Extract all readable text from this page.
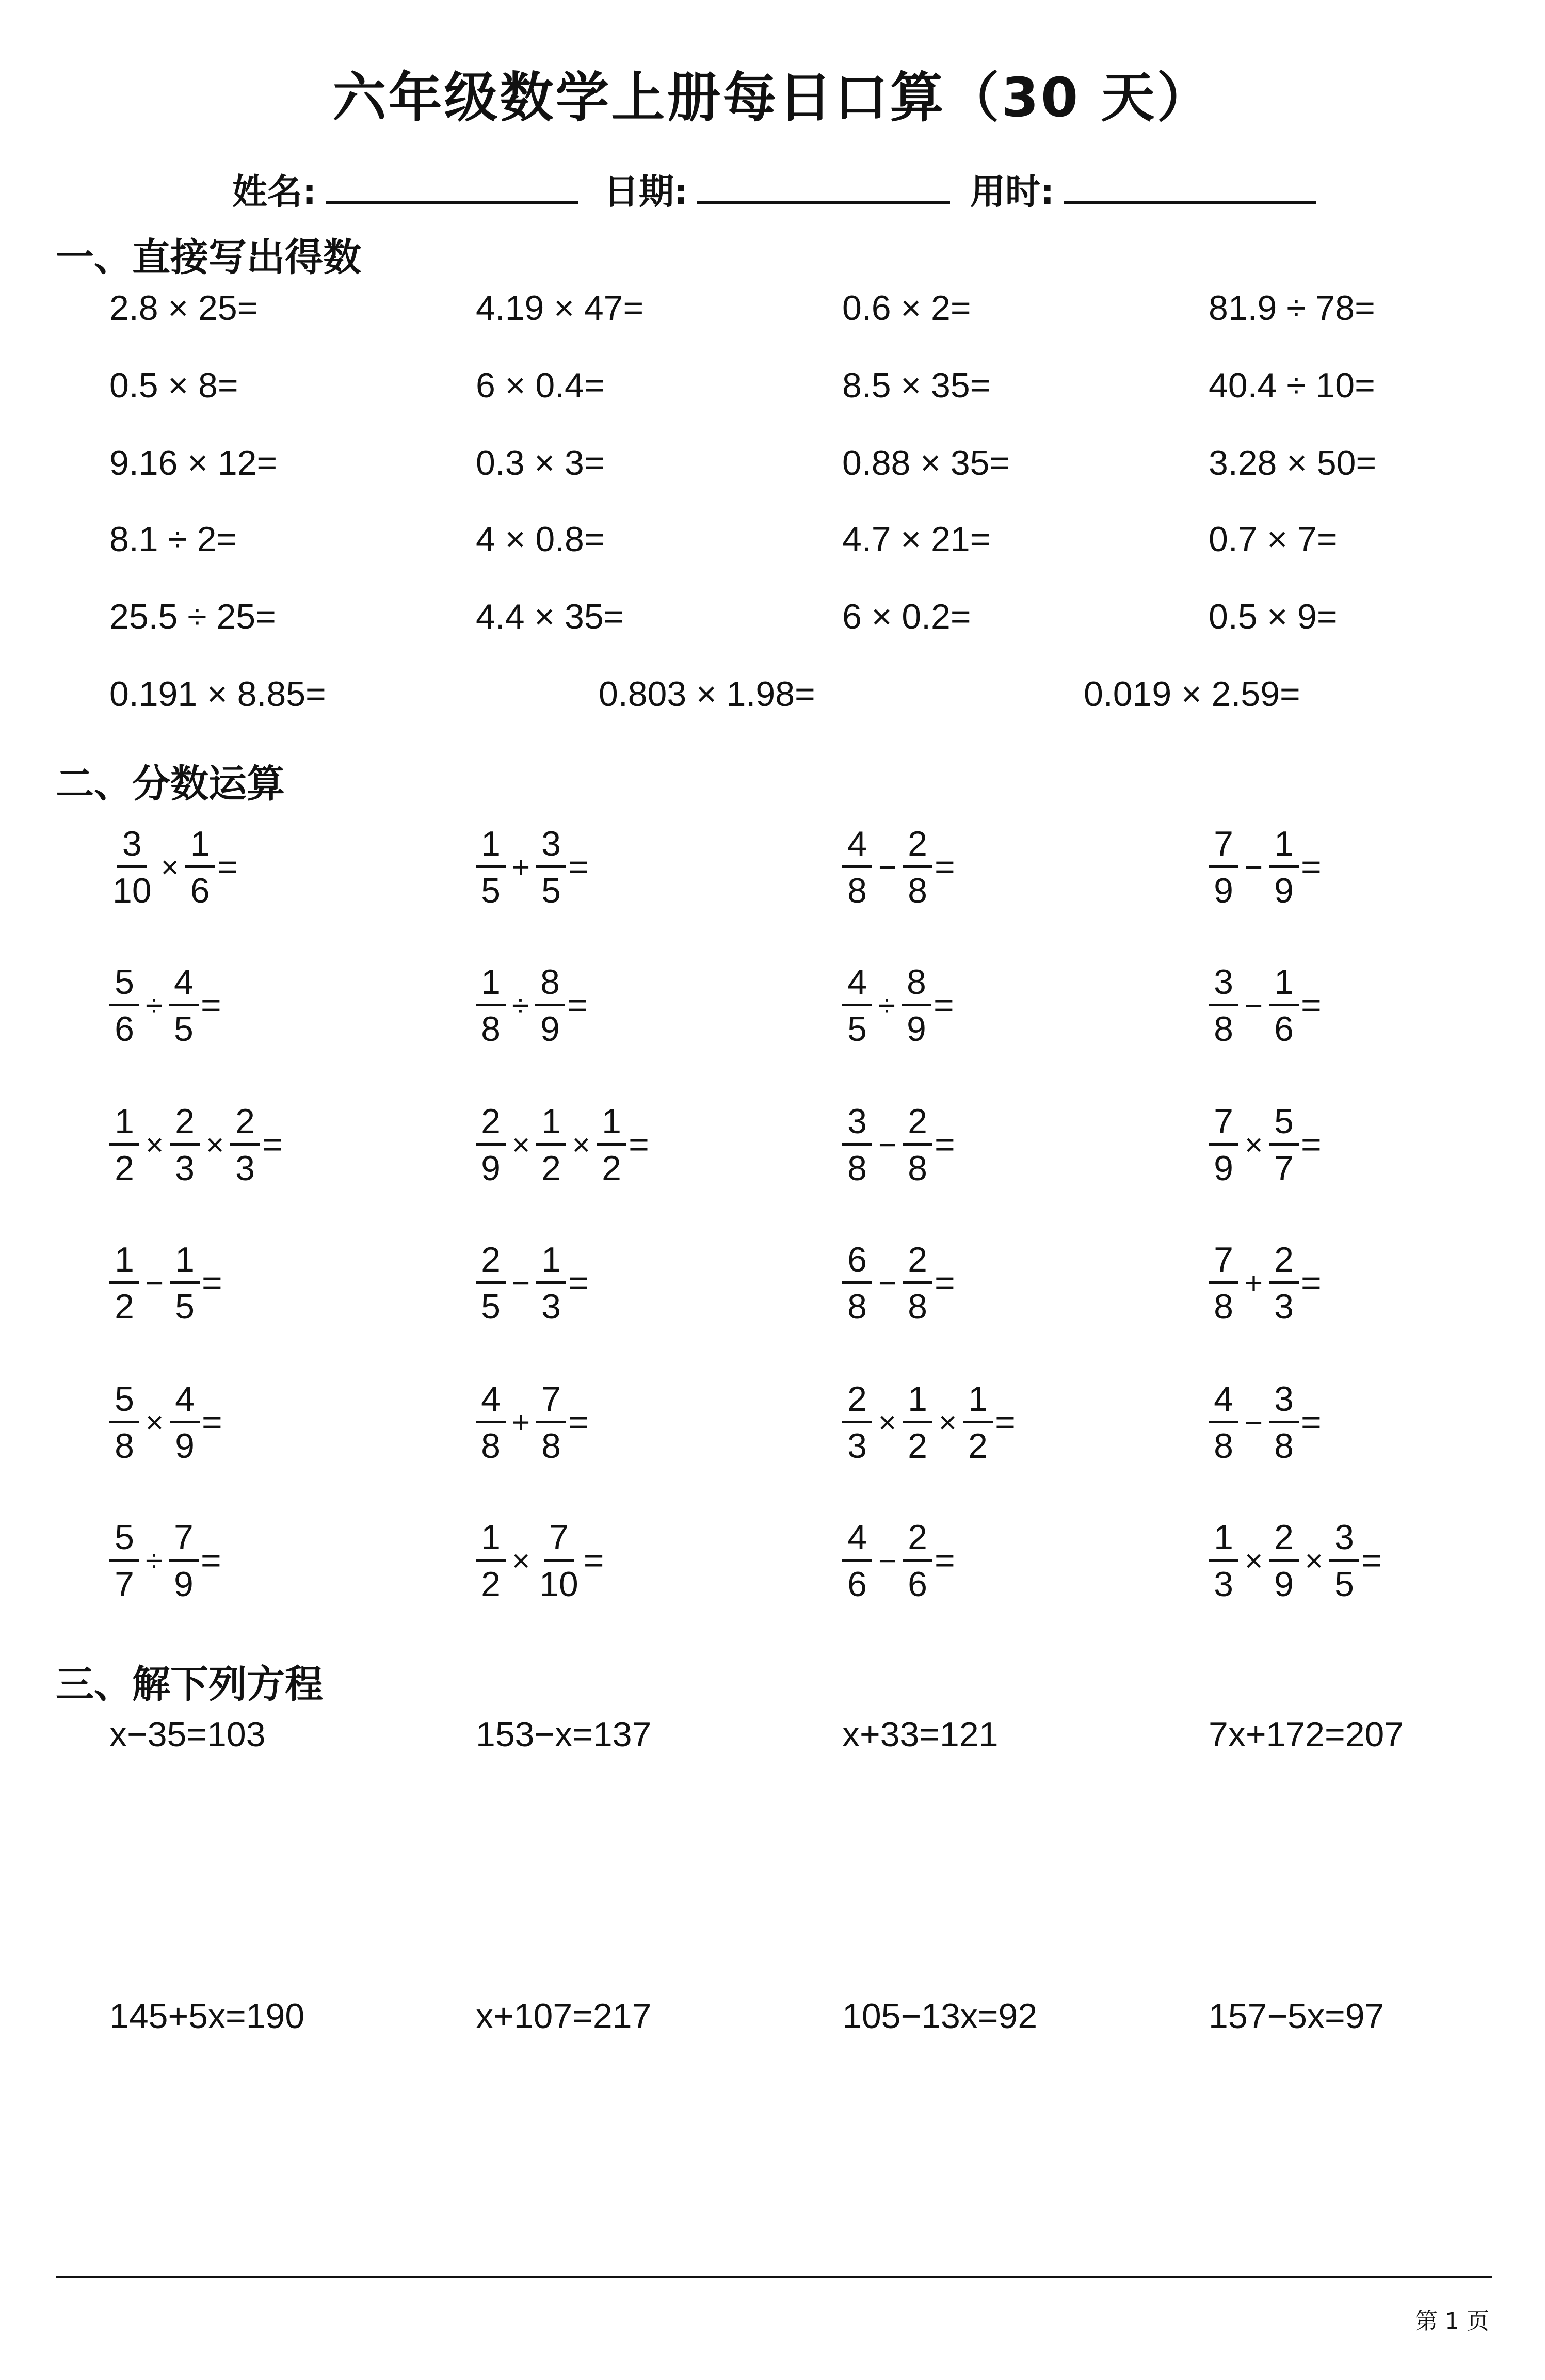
六年级数学上册每日口算（30 天）
姓名:	日期:	用时:
一、直接写出得数
2.8 × 25=	4.19 × 47=	0.6 × 2=	81.9 ÷ 78=
0.5 × 8=	6 × 0.4=	8.5 × 35=	40.4 ÷ 10=
9.16 × 12=	0.3 × 3=	0.88 × 35=	3.28 × 50=
8.1 ÷ 2=	4 × 0.8=	4.7 × 21=	0.7 × 7=
25.5 ÷ 25=	4.4 × 35=	6 × 0.2=	0.5 × 9=
0.191 × 8.85=	0.803 × 1.98=	0.019 × 2.59=
二、分数运算
$\frac{3}{10} \times \frac{1}{6}$ =	$\frac{1}{5} + \frac{3}{5}$ =	$\frac{4}{8} - \frac{2}{8}$ =	$\frac{7}{9} - \frac{1}{9}$ =
$\frac{5}{6} \div \frac{4}{5}$ =	$\frac{1}{8} \div \frac{8}{9}$ =	$\frac{4}{5} \div \frac{8}{9}$ =	$\frac{3}{8} - \frac{1}{6}$ =
$\frac{1}{2} \times \frac{2}{3} \times \frac{2}{3}$ =	$\frac{2}{9} \times \frac{1}{2} \times \frac{1}{2}$ =	$\frac{3}{8} - \frac{2}{8}$ =	$\frac{7}{9} \times \frac{5}{7}$ =
$\frac{1}{2} - \frac{1}{5}$ =	$\frac{2}{5} - \frac{1}{3}$ =	$\frac{6}{8} - \frac{2}{8}$ =	$\frac{7}{8} + \frac{2}{3}$ =
$\frac{5}{8} \times \frac{4}{9}$ =	$\frac{4}{8} + \frac{7}{8}$ =	$\frac{2}{3} \times \frac{1}{2} \times \frac{1}{2}$ =	$\frac{4}{8} - \frac{3}{8}$ =
$\frac{5}{7} \div \frac{7}{9}$ =	$\frac{1}{2} \times \frac{7}{10}$ =	$\frac{4}{6} - \frac{2}{6}$ =	$\frac{1}{3} \times \frac{2}{9} \times \frac{3}{5}$ =
三、解下列方程
x−35=103	153−x=137	x+33=121	7x+172=207
145+5x=190	x+107=217	105−13x=92	157−5x=97
第 1 页
